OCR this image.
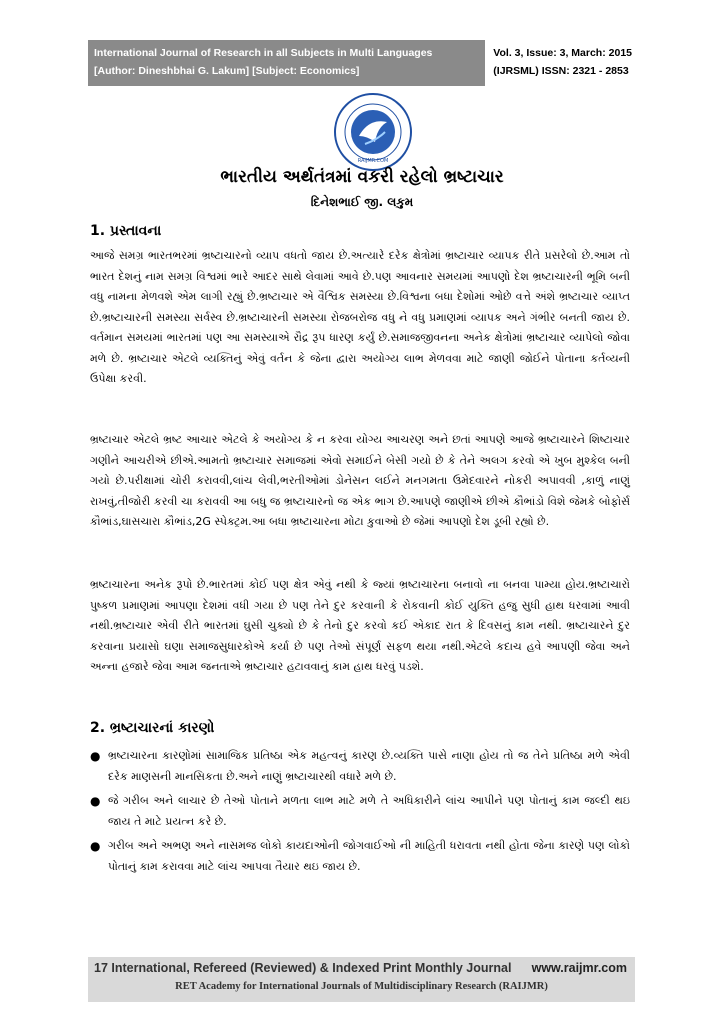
International Journal of Research in all Subjects in Multi Languages
[Author: Dineshbhai G. Lakum] [Subject: Economics]
Vol. 3, Issue: 3, March: 2015
(IJRSML) ISSN: 2321 - 2853
RAIJMR.COM
ભારતીય અર્થતંત્રમાં વકરી રહેલો ભ્રષ્ટાચાર
દિનેશભાઈ જી. લકુમ
1. પ્રસ્તાવના
આજે સમગ્ર ભારતભરમાં ભ્રષ્ટાચારનો વ્યાપ વધતો જાય છે.અત્યારે દરેક ક્ષેત્રોમાં ભ્રષ્ટાચાર વ્યાપક રીતે પ્રસરેલો છે.આમ તો ભારત દેશનું નામ સમગ્ર વિશ્વમાં ભારે આદર સાથે લેવામાં આવે છે.પણ આવનાર સમયમાં આપણો દેશ ભ્રષ્ટાચારની ભૂમિ બની વધુ નામના મેળવશે એમ લાગી રહ્યું છે.ભ્રષ્ટાચાર એ વૈશ્વિક સમસ્યા છે.વિશ્વના બધા દેશોમાં ઓછે વત્તે અંશે ભ્રષ્ટાચાર વ્યાપ્ત છે.ભ્રષ્ટાચારની સમસ્યા સર્વસ્વ છે.ભ્રષ્ટાચારની સમસ્યા રોજબરોજ વધુ ને વધુ પ્રમાણમાં વ્યાપક અને ગંભીર બનતી જાય છે. વર્તમાન સમયમાં ભારતમાં પણ આ સમસ્યાએ રૌદ્ર રૂપ ધારણ કર્યું છે.સમાજજીવનના અનેક ક્ષેત્રોમાં ભ્રષ્ટાચાર વ્યાપેલો જોવા મળે છે. ભ્રષ્ટાચાર એટલે વ્યક્તિનું એવું વર્તન કે જેના દ્વારા અયોગ્ય લાભ મેળવવા માટે જાણી જોઈને પોતાના કર્તવ્યની ઉપેક્ષા કરવી.
ભ્રષ્ટાચાર એટલે ભ્રષ્ટ આચાર એટલે કે અયોગ્ય કે ન કરવા યોગ્ય આચરણ અને છતાં આપણે આજે ભ્રષ્ટાચારને શિષ્ટાચાર ગણીને આચરીએ છીએ.આમતો ભ્રષ્ટાચાર સમાજમાં એવો સમાઈને બેસી ગયો છે કે તેને અલગ કરવો એ ખુબ મુશ્કેલ બની ગયો છે.પરીક્ષામાં ચોરી કરાવવી,લાંચ લેવી,ભરતીઓમાં ડોનેસન લઈને મનગમતા ઉમેદવારને નોકરી અપાવવી ,કાળું નાણું રાખવું,તીજોરી કરવી ચા કરાવવી આ બધુ જ ભ્રષ્ટાચારનો જ એક ભાગ છે.આપણે જાણીએ છીએ કૌભાંડો વિશે જેમકે બોફોર્સ કૌભાંડ,ઘાસચારા કૌભાંડ,2G સ્પેક્ટ્રમ.આ બધા ભ્રષ્ટાચારના મોટા કુવાઓ છે જેમાં આપણો દેશ ડૂબી રહ્યો છે.
ભ્રષ્ટાચારના અનેક રૂપો છે.ભારતમાં કોઈ પણ ક્ષેત્ર એવું નથી કે જ્યાં ભ્રષ્ટાચારના બનાવો ના બનવા પામ્યા હોય.ભ્રષ્ટાચારો પુષ્કળ પ્રમાણમાં આપણા દેશમાં વધી ગયા છે પણ તેને દુર કરવાની કે રોકવાની કોઈ યુક્તિ હજુ સુધી હાથ ધરવામાં આવી નથી.ભ્રષ્ટાચાર એવી રીતે ભારતમાં ઘુસી ચુક્યો છે કે તેનો દુર કરવો કઈ એકાદ રાત કે દિવસનું કામ નથી. ભ્રષ્ટાચારને દુર કરવાના પ્રયાસો ઘણા સમાજસુધારકોએ કર્યા છે પણ તેઓ સંપૂર્ણ સફળ થયા નથી.એટલે કદાચ હવે આપણી જેવા અને અન્ના હજારે જેવા આમ જનતાએ ભ્રષ્ટાચાર હટાવવાનું કામ હાથ ધરવું પડશે.
2. ભ્રષ્ટાચારનાં કારણો
● ભ્રષ્ટાચારના કારણોમાં સામાજિક પ્રતિષ્ઠા એક મહત્વનું કારણ છે.વ્યક્તિ પાસે નાણા હોય તો જ તેને પ્રતિષ્ઠા મળે એવી દરેક માણસની માનસિકતા છે.અને નાણું ભ્રષ્ટાચારથી વધારે મળે છે.
● જે ગરીબ અને લાચાર છે તેઓ પોતાને મળતા લાભ માટે મળે તે અધિકારીને લાંચ આપીને પણ પોતાનું કામ જલ્દી થઇ જાય તે માટે પ્રયત્ન કરે છે.
● ગરીબ અને અભણ અને નાસમજ લોકો કાયદાઓની જોગવાઈઓ ની માહિતી ધરાવતા નથી હોતા જેના કારણે પણ લોકો પોતાનું કામ કરાવવા માટે લાંચ આપવા તૈયાર થઇ જાય છે.
17 International, Refereed (Reviewed) & Indexed Print Monthly Journal www.raijmr.com
RET Academy for International Journals of Multidisciplinary Research (RAIJMR)
